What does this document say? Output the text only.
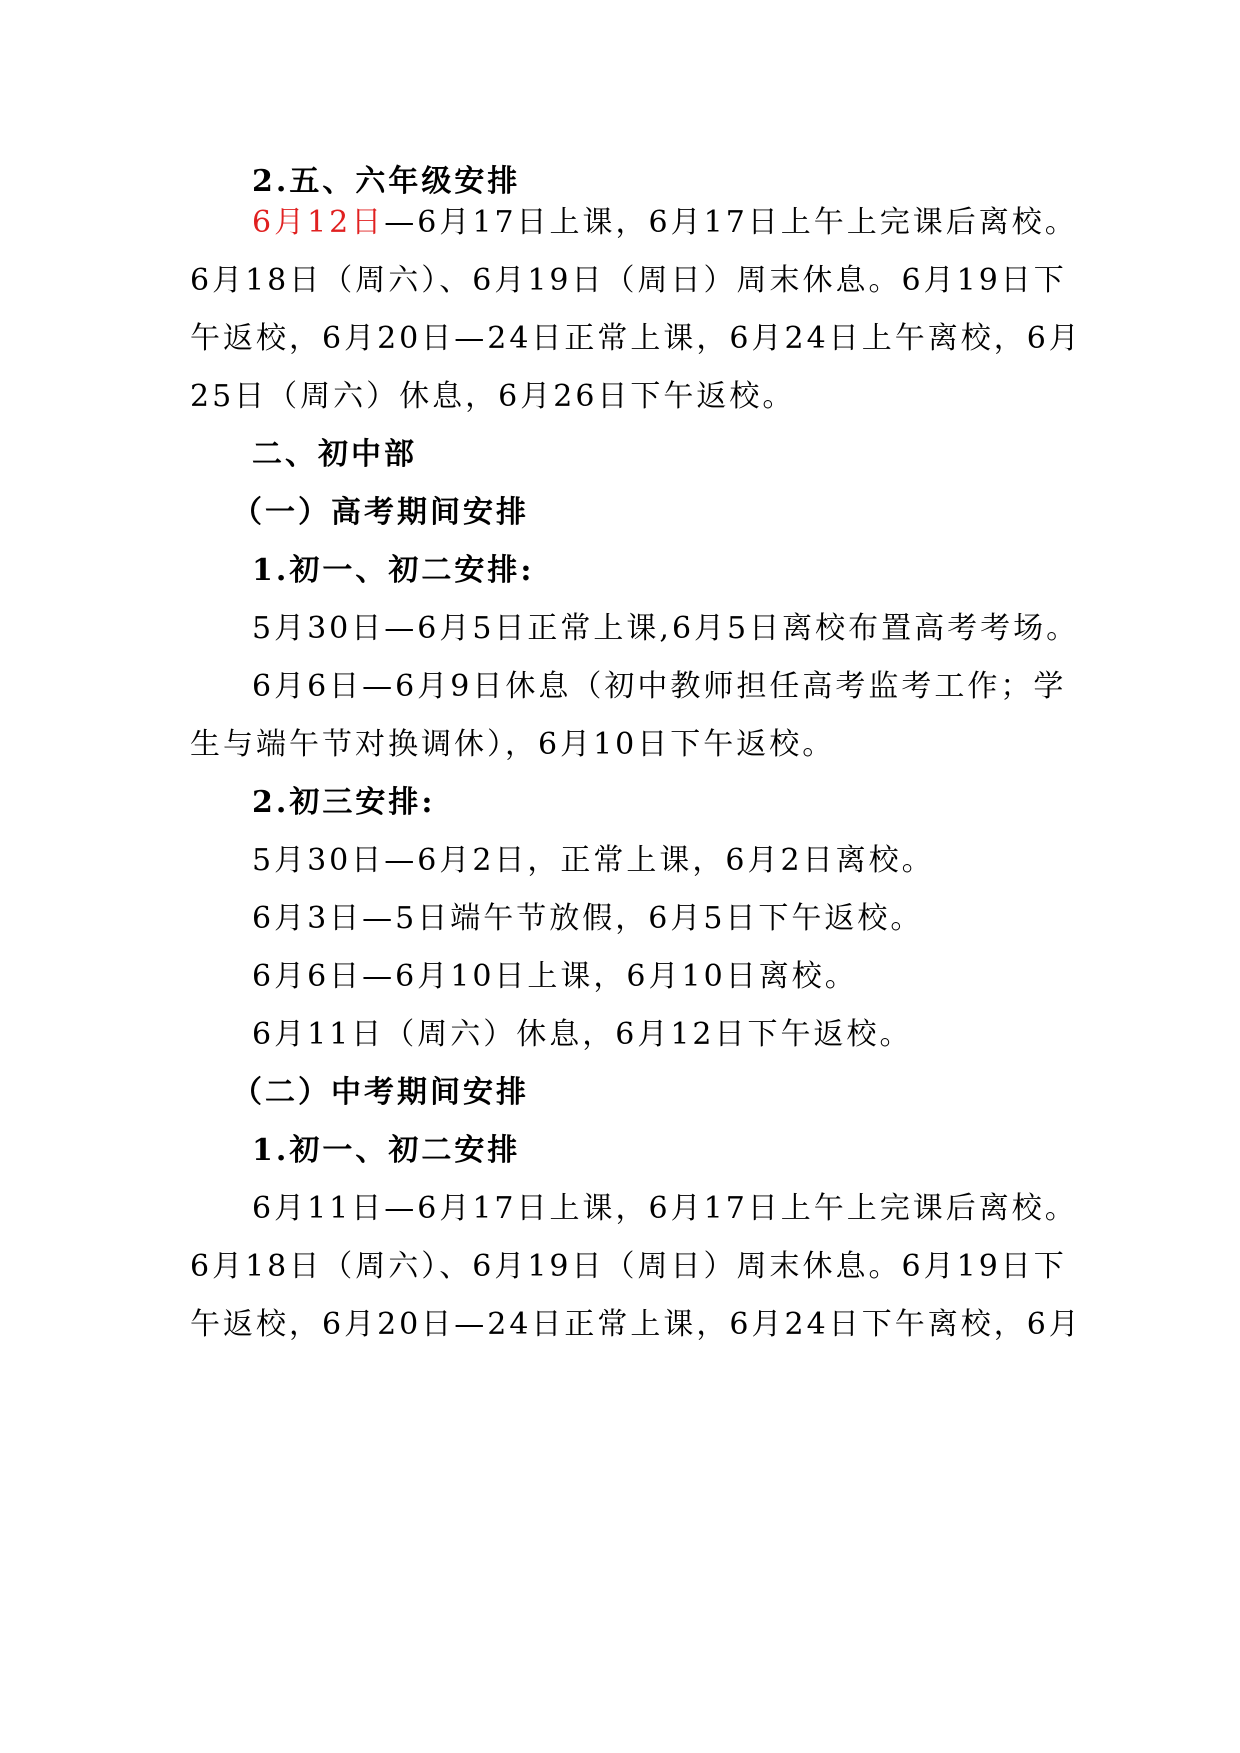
2.五、六年级安排
6月12日—6月17日上课，6月17日上午上完课后离校。
6月18日（周六）、6月19日（周日）周末休息。6月19日下
午返校，6月20日—24日正常上课，6月24日上午离校，6月
25日（周六）休息，6月26日下午返校。
二、初中部
（一）高考期间安排
1.初一、初二安排:
5月30日—6月5日正常上课,6月5日离校布置高考考场。
6月6日—6月9日休息（初中教师担任高考监考工作；学
生与端午节对换调休），6月10日下午返校。
2.初三安排:
5月30日—6月2日，正常上课，6月2日离校。
6月3日—5日端午节放假，6月5日下午返校。
6月6日—6月10日上课，6月10日离校。
6月11日（周六）休息，6月12日下午返校。
（二）中考期间安排
1.初一、初二安排
6月11日—6月17日上课，6月17日上午上完课后离校。
6月18日（周六）、6月19日（周日）周末休息。6月19日下
午返校，6月20日—24日正常上课，6月24日下午离校，6月
